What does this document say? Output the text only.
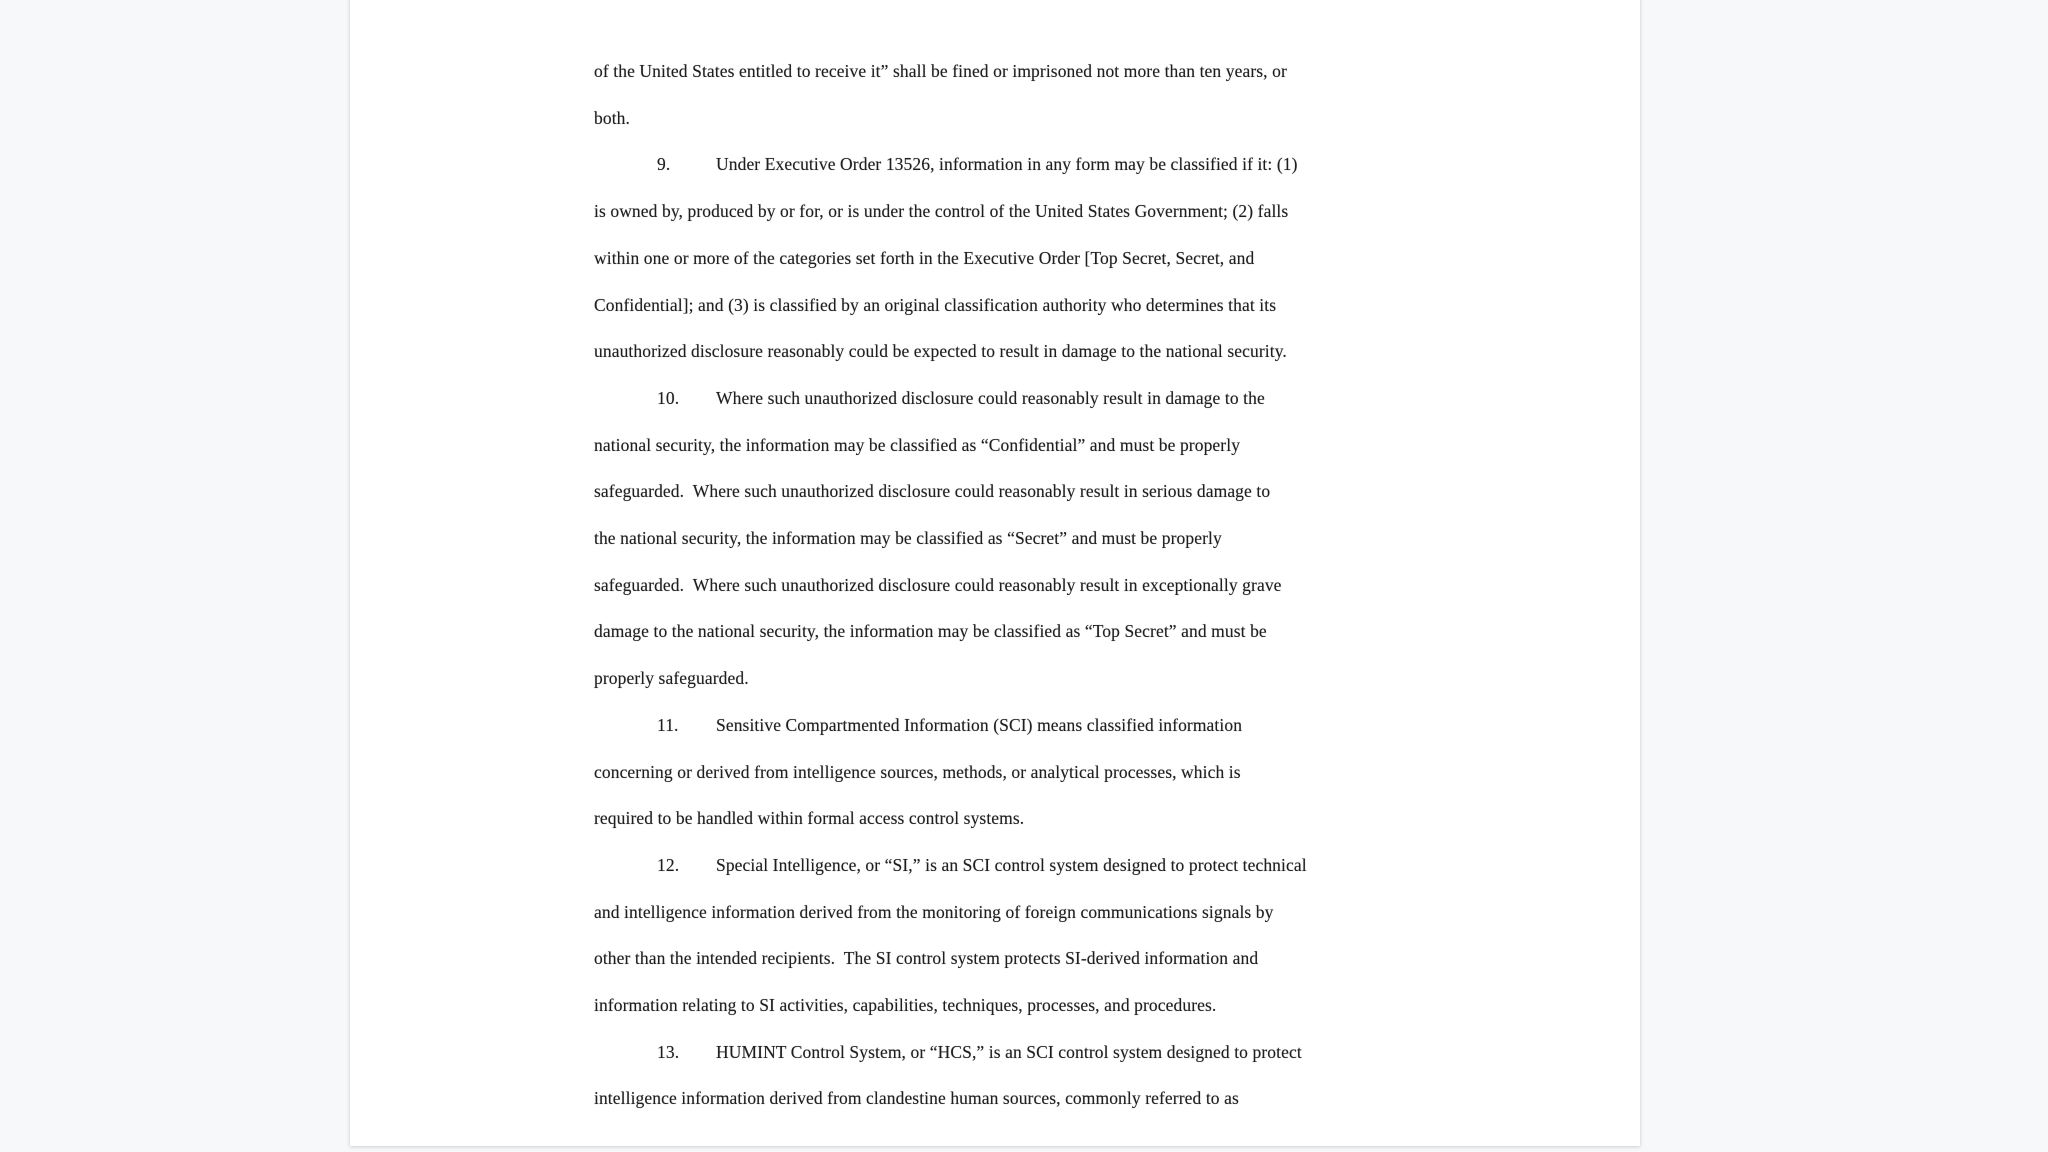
of the United States entitled to receive it” shall be fined or imprisoned not more than ten years, or
both.
9.	Under Executive Order 13526, information in any form may be classified if it: (1)
is owned by, produced by or for, or is under the control of the United States Government; (2) falls
within one or more of the categories set forth in the Executive Order [Top Secret, Secret, and
Confidential]; and (3) is classified by an original classification authority who determines that its
unauthorized disclosure reasonably could be expected to result in damage to the national security.
10. Where such unauthorized disclosure could reasonably result in damage to the
national security, the information may be classified as “Confidential” and must be properly
safeguarded.  Where such unauthorized disclosure could reasonably result in serious damage to
the national security, the information may be classified as “Secret” and must be properly
safeguarded.  Where such unauthorized disclosure could reasonably result in exceptionally grave
damage to the national security, the information may be classified as “Top Secret” and must be
properly safeguarded.
11. Sensitive Compartmented Information (SCI) means classified information
concerning or derived from intelligence sources, methods, or analytical processes, which is
required to be handled within formal access control systems.
12. Special Intelligence, or “SI,” is an SCI control system designed to protect technical
and intelligence information derived from the monitoring of foreign communications signals by
other than the intended recipients.  The SI control system protects SI-derived information and
information relating to SI activities, capabilities, techniques, processes, and procedures.
13. HUMINT Control System, or “HCS,” is an SCI control system designed to protect
intelligence information derived from clandestine human sources, commonly referred to as
